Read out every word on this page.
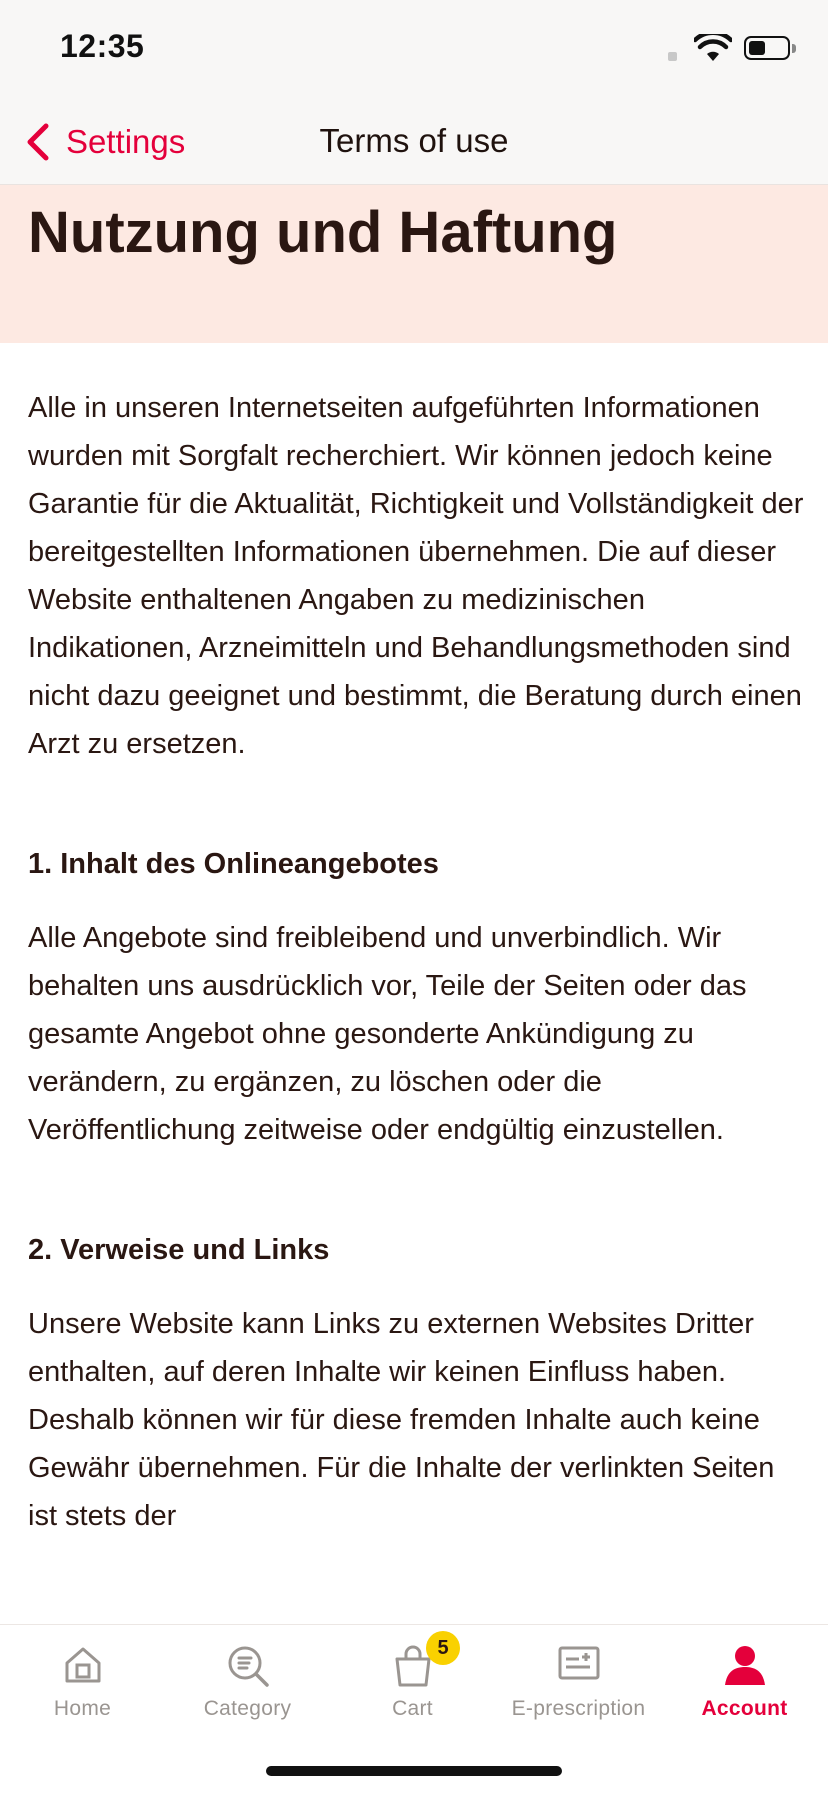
12:35
Settings	Terms of use
Nutzung und Haftung

Alle in unseren Internetseiten aufgeführten Informationen wurden mit Sorgfalt recherchiert. Wir können jedoch keine Garantie für die Aktualität, Richtigkeit und Vollständigkeit der bereitgestellten Informationen übernehmen. Die auf dieser Website enthaltenen Angaben zu medizinischen Indikationen, Arzneimitteln und Behandlungsmethoden sind nicht dazu geeignet und bestimmt, die Beratung durch einen Arzt zu ersetzen.

1. Inhalt des Onlineangebotes

Alle Angebote sind freibleibend und unverbindlich. Wir behalten uns ausdrücklich vor, Teile der Seiten oder das gesamte Angebot ohne gesonderte Ankündigung zu verändern, zu ergänzen, zu löschen oder die Veröffentlichung zeitweise oder endgültig einzustellen.

2. Verweise und Links

Unsere Website kann Links zu externen Websites Dritter enthalten, auf deren Inhalte wir keinen Einfluss haben. Deshalb können wir für diese fremden Inhalte auch keine Gewähr übernehmen. Für die Inhalte der verlinkten Seiten ist stets der

Home	Category
5
Cart	E-prescription	Account
